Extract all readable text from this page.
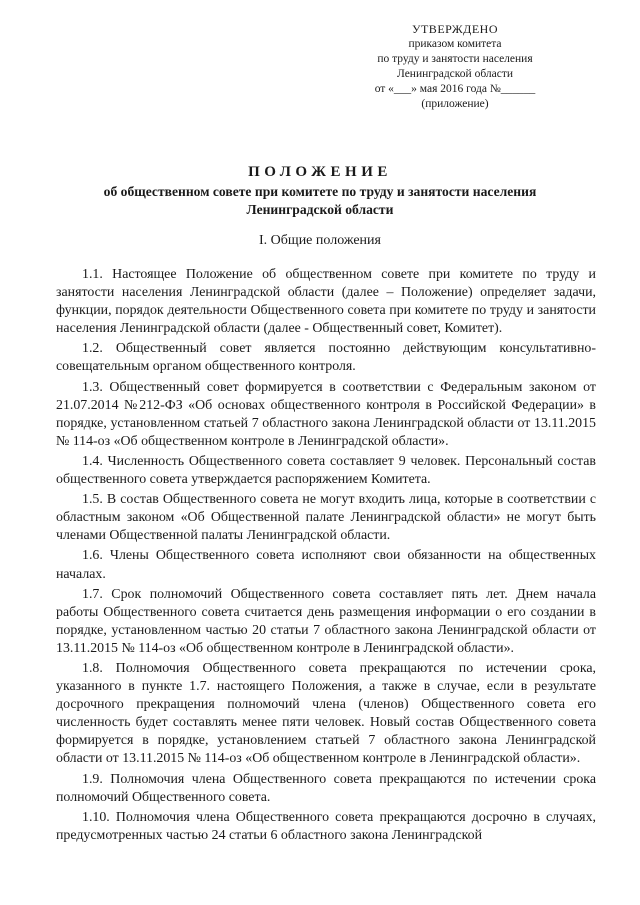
УТВЕРЖДЕНО
приказом комитета
по труду и занятости населения
Ленинградской области
от «___» мая 2016 года №______
(приложение)
ПОЛОЖЕНИЕ
об общественном совете при комитете по труду и занятости населения Ленинградской области
I. Общие положения

1.1. Настоящее Положение об общественном совете при комитете по труду и занятости населения Ленинградской области (далее – Положение) определяет задачи, функции, порядок деятельности Общественного совета при комитете по труду и занятости населения Ленинградской области (далее - Общественный совет, Комитет).

1.2. Общественный совет является постоянно действующим консультативно-совещательным органом общественного контроля.

1.3. Общественный совет формируется в соответствии с Федеральным законом от 21.07.2014 №212-ФЗ «Об основах общественного контроля в Российской Федерации» в порядке, установленном статьей 7 областного закона Ленинградской области от 13.11.2015 № 114-оз «Об общественном контроле в Ленинградской области».

1.4. Численность Общественного совета составляет 9 человек. Персональный состав общественного совета утверждается распоряжением Комитета.

1.5. В состав Общественного совета не могут входить лица, которые в соответствии с областным законом «Об Общественной палате Ленинградской области» не могут быть членами Общественной палаты Ленинградской области.

1.6. Члены Общественного совета исполняют свои обязанности на общественных началах.

1.7. Срок полномочий Общественного совета составляет пять лет. Днем начала работы Общественного совета считается день размещения информации о его создании в порядке, установленном частью 20 статьи 7 областного закона Ленинградской области от 13.11.2015 № 114-оз «Об общественном контроле в Ленинградской области».

1.8. Полномочия Общественного совета прекращаются по истечении срока, указанного в пункте 1.7. настоящего Положения, а также в случае, если в результате досрочного прекращения полномочий члена (членов) Общественного совета его численность будет составлять менее пяти человек. Новый состав Общественного совета формируется в порядке, установлением статьей 7 областного закона Ленинградской области от 13.11.2015 № 114-оз «Об общественном контроле в Ленинградской области».

1.9. Полномочия члена Общественного совета прекращаются по истечении срока полномочий Общественного совета.

1.10. Полномочия члена Общественного совета прекращаются досрочно в случаях, предусмотренных частью 24 статьи 6 областного закона Ленинградской
